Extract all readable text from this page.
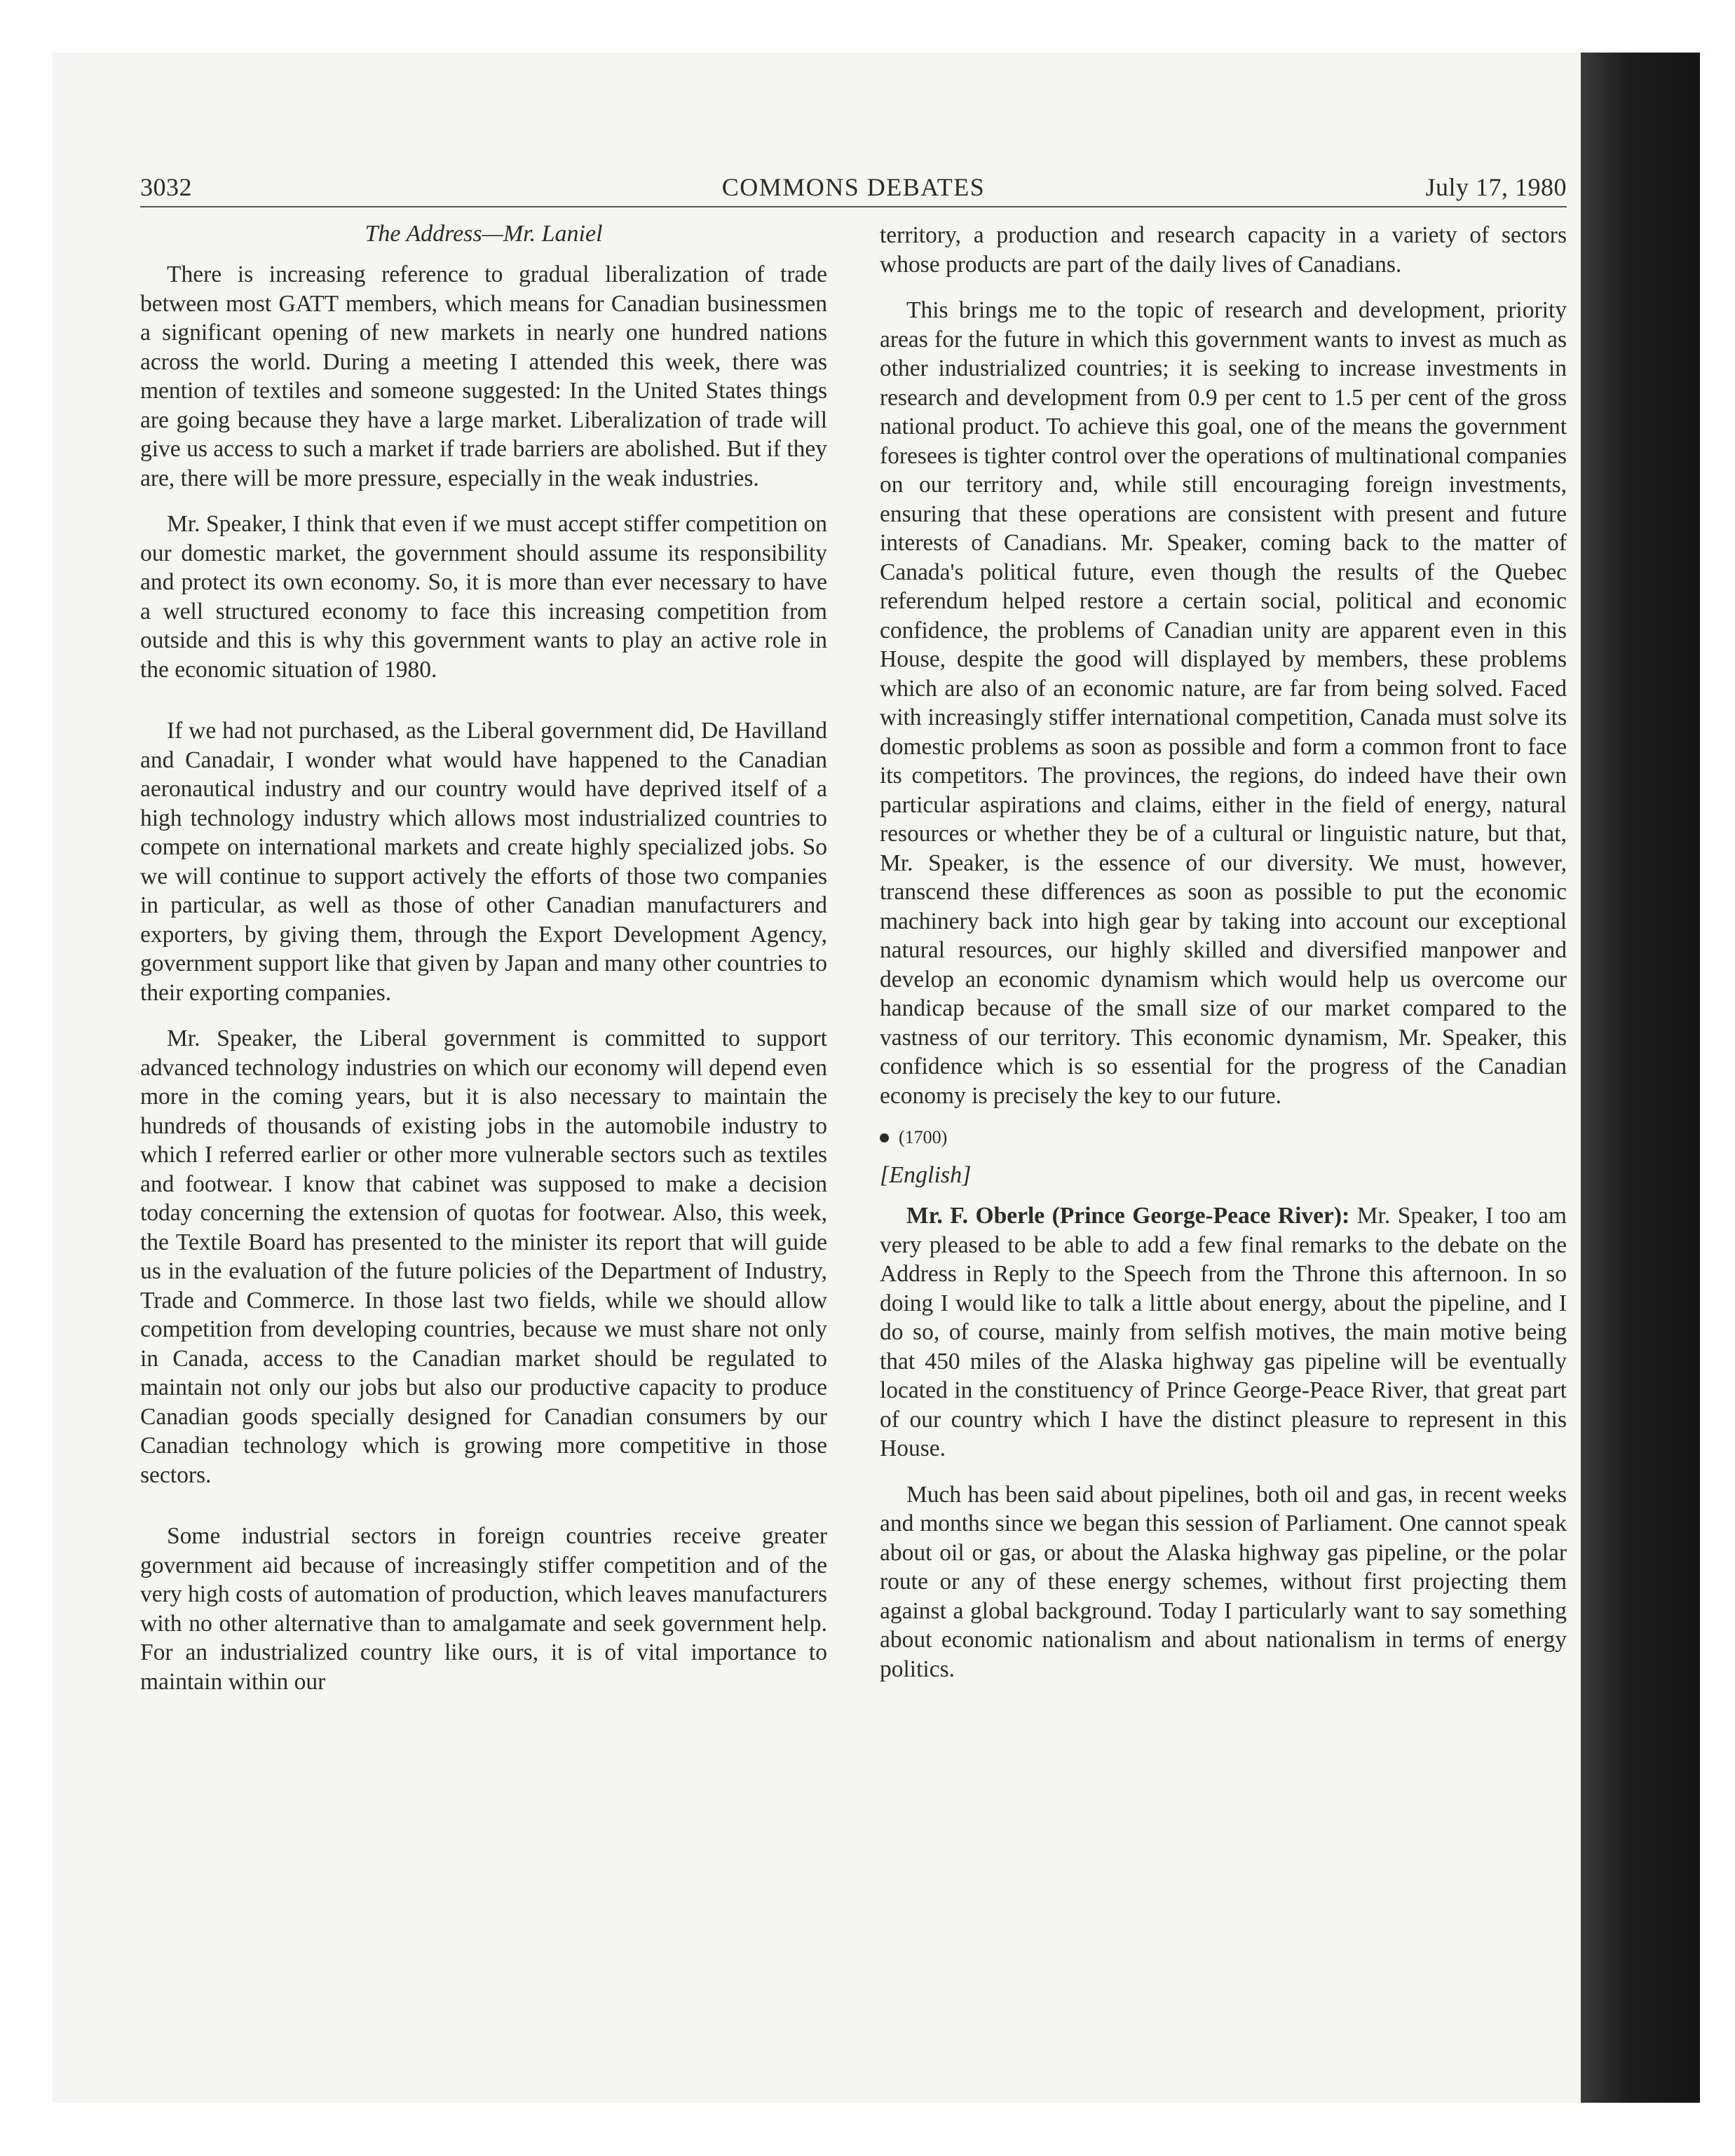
3032	COMMONS DEBATES	July 17, 1980
The Address—Mr. Laniel

There is increasing reference to gradual liberalization of trade between most GATT members, which means for Canadian businessmen a significant opening of new markets in nearly one hundred nations across the world. During a meeting I attended this week, there was mention of textiles and someone suggested: In the United States things are going because they have a large market. Liberalization of trade will give us access to such a market if trade barriers are abolished. But if they are, there will be more pressure, especially in the weak industries.

Mr. Speaker, I think that even if we must accept stiffer competition on our domestic market, the government should assume its responsibility and protect its own economy. So, it is more than ever necessary to have a well structured economy to face this increasing competition from outside and this is why this government wants to play an active role in the economic situation of 1980.

If we had not purchased, as the Liberal government did, De Havilland and Canadair, I wonder what would have happened to the Canadian aeronautical industry and our country would have deprived itself of a high technology industry which allows most industrialized countries to compete on international markets and create highly specialized jobs. So we will continue to support actively the efforts of those two companies in particular, as well as those of other Canadian manufacturers and exporters, by giving them, through the Export Development Agency, government support like that given by Japan and many other countries to their exporting companies.

Mr. Speaker, the Liberal government is committed to support advanced technology industries on which our economy will depend even more in the coming years, but it is also necessary to maintain the hundreds of thousands of existing jobs in the automobile industry to which I referred earlier or other more vulnerable sectors such as textiles and footwear. I know that cabinet was supposed to make a decision today concerning the extension of quotas for footwear. Also, this week, the Textile Board has presented to the minister its report that will guide us in the evaluation of the future policies of the Department of Industry, Trade and Commerce. In those last two fields, while we should allow competition from developing countries, because we must share not only in Canada, access to the Canadian market should be regulated to maintain not only our jobs but also our productive capacity to produce Canadian goods specially designed for Canadian consumers by our Canadian technology which is growing more competitive in those sectors.

Some industrial sectors in foreign countries receive greater government aid because of increasingly stiffer competition and of the very high costs of automation of production, which leaves manufacturers with no other alternative than to amalgamate and seek government help. For an industrialized country like ours, it is of vital importance to maintain within our

territory, a production and research capacity in a variety of sectors whose products are part of the daily lives of Canadians.

This brings me to the topic of research and development, priority areas for the future in which this government wants to invest as much as other industrialized countries; it is seeking to increase investments in research and development from 0.9 per cent to 1.5 per cent of the gross national product. To achieve this goal, one of the means the government foresees is tighter control over the operations of multinational companies on our territory and, while still encouraging foreign investments, ensuring that these operations are consistent with present and future interests of Canadians. Mr. Speaker, coming back to the matter of Canada's political future, even though the results of the Quebec referendum helped restore a certain social, political and economic confidence, the problems of Canadian unity are apparent even in this House, despite the good will displayed by members, these problems which are also of an economic nature, are far from being solved. Faced with increasingly stiffer international competition, Canada must solve its domestic problems as soon as possible and form a common front to face its competitors. The provinces, the regions, do indeed have their own particular aspirations and claims, either in the field of energy, natural resources or whether they be of a cultural or linguistic nature, but that, Mr. Speaker, is the essence of our diversity. We must, however, transcend these differences as soon as possible to put the economic machinery back into high gear by taking into account our exceptional natural resources, our highly skilled and diversified manpower and develop an economic dynamism which would help us overcome our handicap because of the small size of our market compared to the vastness of our territory. This economic dynamism, Mr. Speaker, this confidence which is so essential for the progress of the Canadian economy is precisely the key to our future.

(1700)
[English]

Mr. F. Oberle (Prince George-Peace River): Mr. Speaker, I too am very pleased to be able to add a few final remarks to the debate on the Address in Reply to the Speech from the Throne this afternoon. In so doing I would like to talk a little about energy, about the pipeline, and I do so, of course, mainly from selfish motives, the main motive being that 450 miles of the Alaska highway gas pipeline will be eventually located in the constituency of Prince George-Peace River, that great part of our country which I have the distinct pleasure to represent in this House.

Much has been said about pipelines, both oil and gas, in recent weeks and months since we began this session of Parliament. One cannot speak about oil or gas, or about the Alaska highway gas pipeline, or the polar route or any of these energy schemes, without first projecting them against a global background. Today I particularly want to say something about economic nationalism and about nationalism in terms of energy politics.
